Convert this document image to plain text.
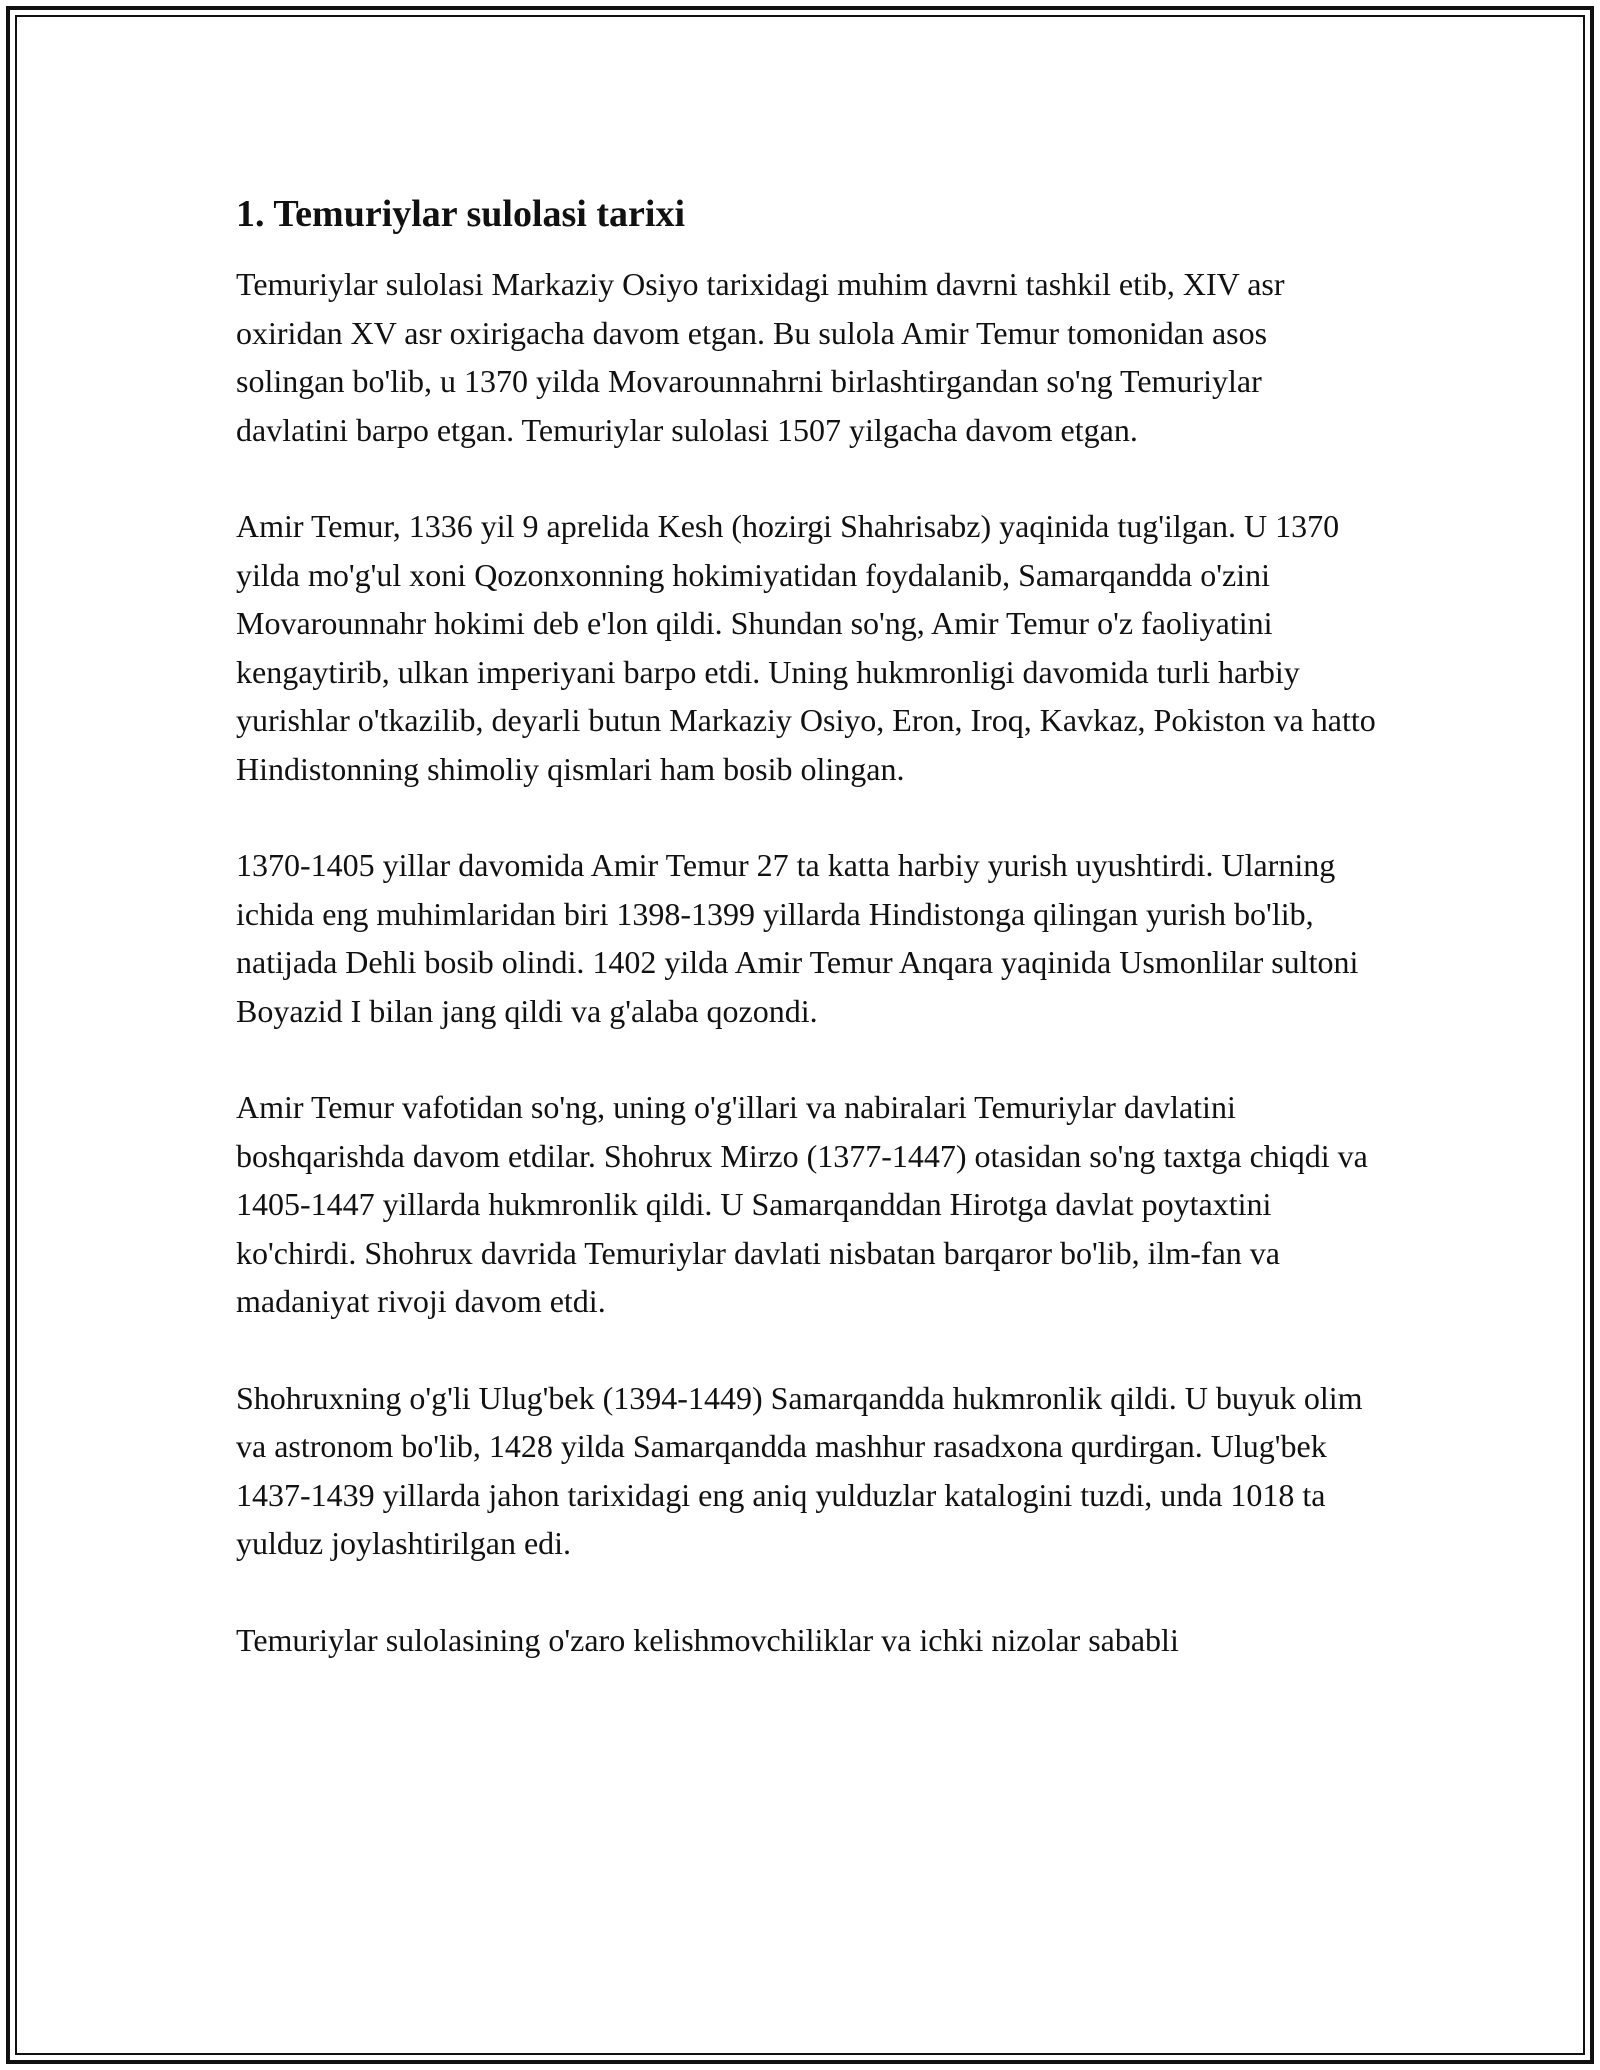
1. Temuriylar sulolasi tarixi

Temuriylar sulolasi Markaziy Osiyo tarixidagi muhim davrni tashkil etib, XIV asr oxiridan XV asr oxirigacha davom etgan. Bu sulola Amir Temur tomonidan asos solingan bo'lib, u 1370 yilda Movarounnahrni birlashtirgandan so'ng Temuriylar davlatini barpo etgan. Temuriylar sulolasi 1507 yilgacha davom etgan.

Amir Temur, 1336 yil 9 aprelida Kesh (hozirgi Shahrisabz) yaqinida tug'ilgan. U 1370 yilda mo'g'ul xoni Qozonxonning hokimiyatidan foydalanib, Samarqandda o'zini Movarounnahr hokimi deb e'lon qildi. Shundan so'ng, Amir Temur o'z faoliyatini kengaytirib, ulkan imperiyani barpo etdi. Uning hukmronligi davomida turli harbiy yurishlar o'tkazilib, deyarli butun Markaziy Osiyo, Eron, Iroq, Kavkaz, Pokiston va hatto Hindistonning shimoliy qismlari ham bosib olingan.

1370-1405 yillar davomida Amir Temur 27 ta katta harbiy yurish uyushtirdi. Ularning ichida eng muhimlaridan biri 1398-1399 yillarda Hindistonga qilingan yurish bo'lib, natijada Dehli bosib olindi. 1402 yilda Amir Temur Anqara yaqinida Usmonlilar sultoni Boyazid I bilan jang qildi va g'alaba qozondi.

Amir Temur vafotidan so'ng, uning o'g'illari va nabiralari Temuriylar davlatini boshqarishda davom etdilar. Shohrux Mirzo (1377-1447) otasidan so'ng taxtga chiqdi va 1405-1447 yillarda hukmronlik qildi. U Samarqanddan Hirotga davlat poytaxtini ko'chirdi. Shohrux davrida Temuriylar davlati nisbatan barqaror bo'lib, ilm-fan va madaniyat rivoji davom etdi.

Shohruxning o'g'li Ulug'bek (1394-1449) Samarqandda hukmronlik qildi. U buyuk olim va astronom bo'lib, 1428 yilda Samarqandda mashhur rasadxona qurdirgan. Ulug'bek 1437-1439 yillarda jahon tarixidagi eng aniq yulduzlar katalogini tuzdi, unda 1018 ta yulduz joylashtirilgan edi.

Temuriylar sulolasining o'zaro kelishmovchiliklar va ichki nizolar sababli
